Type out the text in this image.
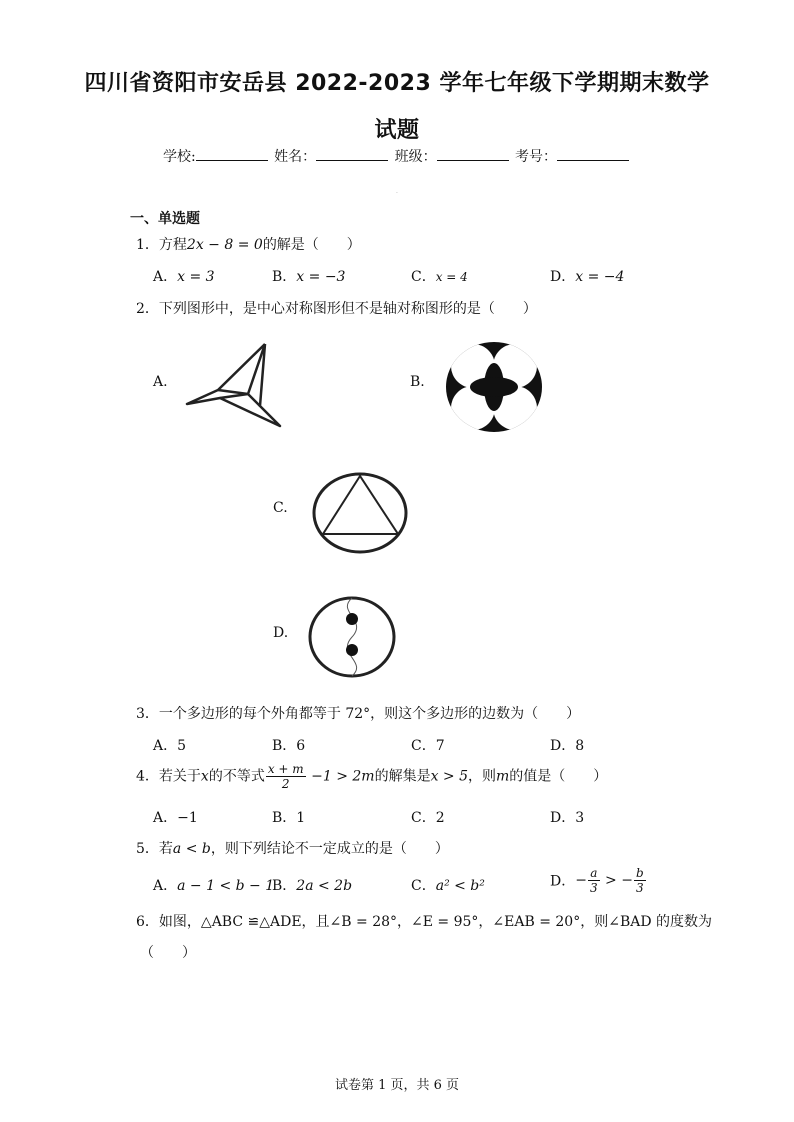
四川省资阳市安岳县 2022-2023 学年七年级下学期期末数学
试题
学校:	姓名：	班级：	考号：
·
一、单选题
1．方程2x − 8 = 0的解是（　　）
A．x = 3	B．x = −3	C．x = 4	D．x = −4
2．下列图形中，是中心对称图形但不是轴对称图形的是（　　）
A.	B.
C.
D.
3．一个多边形的每个外角都等于 72°，则这个多边形的边数为（　　）
A．5	B．6	C．7	D．8
4．若关于x的不等式 $\frac{x + m}{2} -1 > 2m$的解集是x > 5，则m的值是（　　）
A．−1	B．1	C．2	D．3
5．若a < b，则下列结论不一定成立的是（　　）
A．a − 1 < b − 1
B．2a < 2b	C．a² < b²	D．− $\frac{a}{3}$ > − $\frac{b}{3}$
6．如图，△ABC ≌△ADE，且∠B = 28°，∠E = 95°，∠EAB = 20°，则∠BAD 的度数为
（　　）
试卷第 1 页，共 6 页
